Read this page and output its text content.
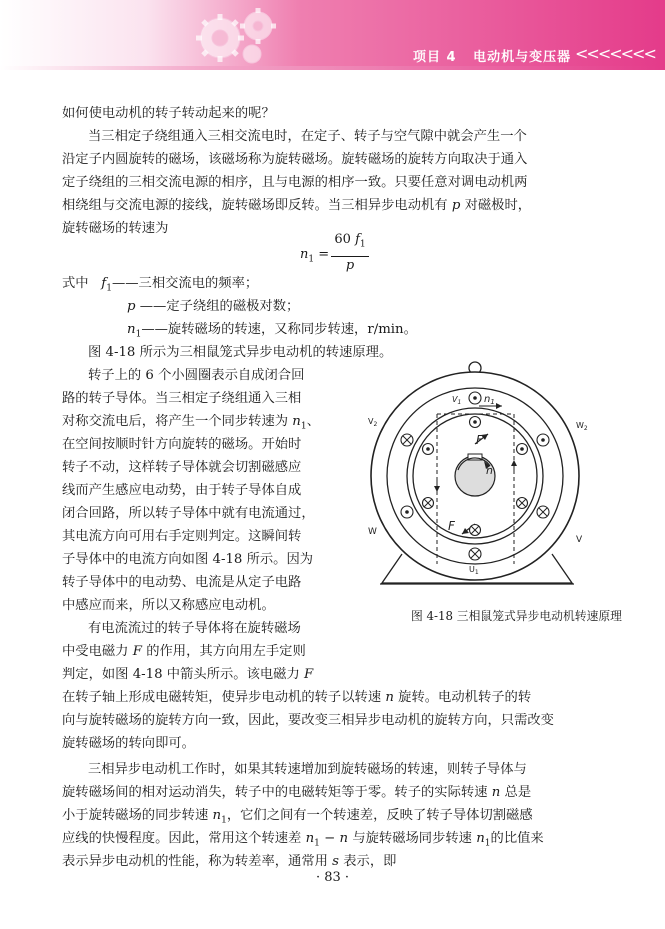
项目 4 电动机与变压器 <<<<<<<
如何使电动机的转子转动起来的呢？
当三相定子绕组通入三相交流电时，在定子、转子与空气隙中就会产生一个
沿定子内圆旋转的磁场，该磁场称为旋转磁场。旋转磁场的旋转方向取决于通入
定子绕组的三相交流电源的相序，且与电源的相序一致。只要任意对调电动机两
相绕组与交流电源的接线，旋转磁场即反转。当三相异步电动机有 p 对磁极时，
旋转磁场的转速为
$n_1$ =
60 $f_1$
p
式中 $f_1——$三相交流电的频率；
p ——定子绕组的磁极对数；
$n_1——$旋转磁场的转速，又称同步转速，r/min。
图 4-18 所示为三相鼠笼式异步电动机的转速原理。
转子上的 6 个小圆圈表示自成闭合回
路的转子导体。当三相定子绕组通入三相
对称交流电后，将产生一个同步转速为 $n_1$、
在空间按顺时针方向旋转的磁场。开始时
转子不动，这样转子导体就会切割磁感应
线而产生感应电动势，由于转子导体自成
闭合回路，所以转子导体中就有电流通过，
其电流方向可用右手定则判定。这瞬间转
子导体中的电流方向如图 4-18 所示。因为
转子导体中的电动势、电流是从定子电路
中感应而来，所以又称感应电动机。
有电流流过的转子导体将在旋转磁场
中受电磁力 F 的作用，其方向用左手定则
判定，如图 4-18 中箭头所示。该电磁力 F
$V_1$ $n_1$
$V_2$	$W_2$
W
V
$U_1$
F
F
n
图 4-18 三相鼠笼式异步电动机转速原理
在转子轴上形成电磁转矩，使异步电动机的转子以转速 n 旋转。电动机转子的转
向与旋转磁场的旋转方向一致，因此，要改变三相异步电动机的旋转方向，只需改变
旋转磁场的转向即可。
三相异步电动机工作时，如果其转速增加到旋转磁场的转速，则转子导体与
旋转磁场间的相对运动消失，转子中的电磁转矩等于零。转子的实际转速 n 总是
小于旋转磁场的同步转速 $n_1$，它们之间有一个转速差，反映了转子导体切割磁感
应线的快慢程度。因此，常用这个转速差 $n_1 - n$ 与旋转磁场同步转速 $n_1$的比值来
表示异步电动机的性能，称为转差率，通常用 s 表示，即
· 83 ·
